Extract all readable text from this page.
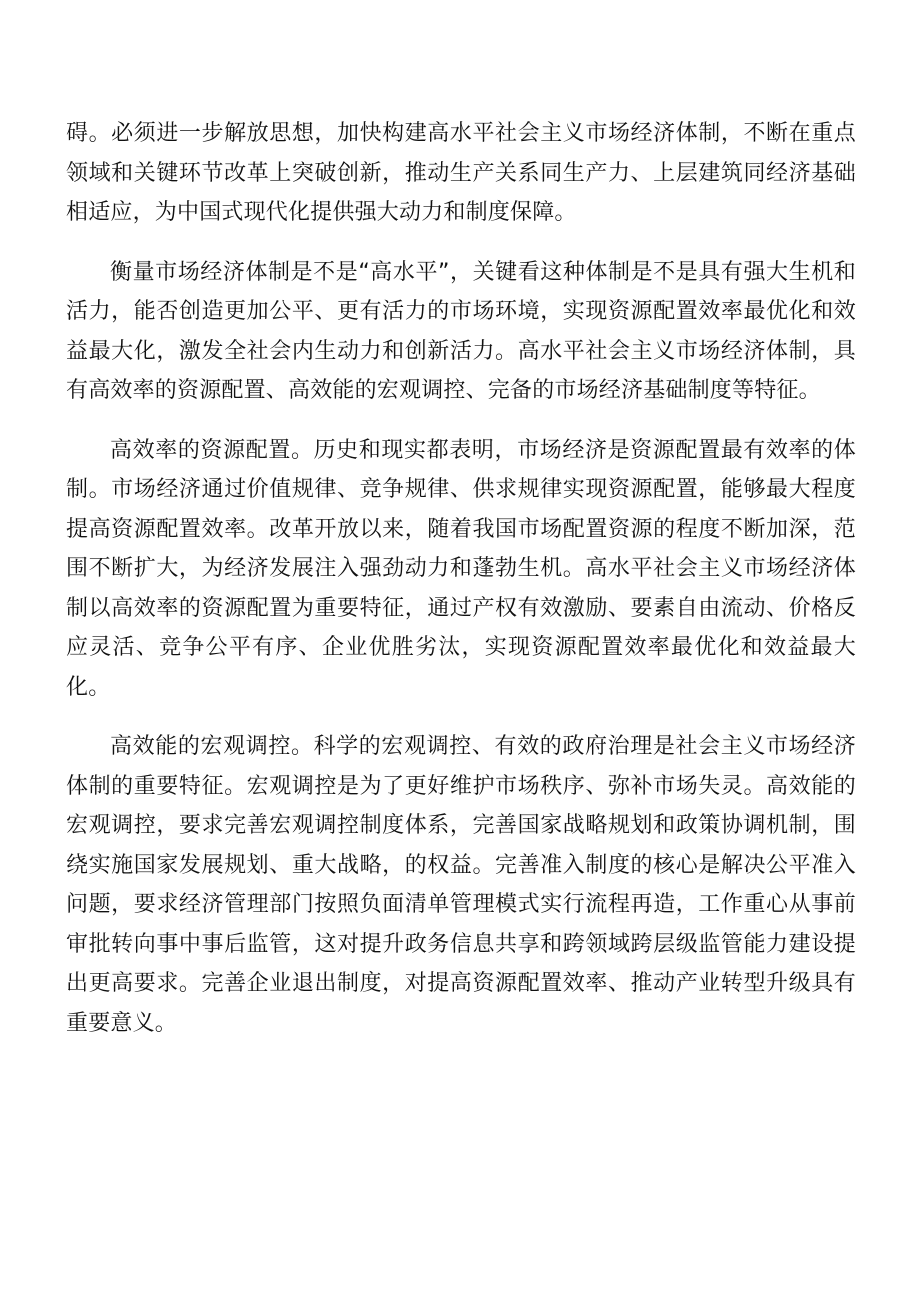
碍。必须进一步解放思想，加快构建高水平社会主义市场经济体制，不断在重点领域和关键环节改革上突破创新，推动生产关系同生产力、上层建筑同经济基础相适应，为中国式现代化提供强大动力和制度保障。

衡量市场经济体制是不是“高水平”，关键看这种体制是不是具有强大生机和活力，能否创造更加公平、更有活力的市场环境，实现资源配置效率最优化和效益最大化，激发全社会内生动力和创新活力。高水平社会主义市场经济体制，具有高效率的资源配置、高效能的宏观调控、完备的市场经济基础制度等特征。

高效率的资源配置。历史和现实都表明，市场经济是资源配置最有效率的体制。市场经济通过价值规律、竞争规律、供求规律实现资源配置，能够最大程度提高资源配置效率。改革开放以来，随着我国市场配置资源的程度不断加深，范围不断扩大，为经济发展注入强劲动力和蓬勃生机。高水平社会主义市场经济体制以高效率的资源配置为重要特征，通过产权有效激励、要素自由流动、价格反应灵活、竞争公平有序、企业优胜劣汰，实现资源配置效率最优化和效益最大化。

高效能的宏观调控。科学的宏观调控、有效的政府治理是社会主义市场经济体制的重要特征。宏观调控是为了更好维护市场秩序、弥补市场失灵。高效能的宏观调控，要求完善宏观调控制度体系，完善国家战略规划和政策协调机制，围绕实施国家发展规划、重大战略，的权益。完善准入制度的核心是解决公平准入问题，要求经济管理部门按照负面清单管理模式实行流程再造，工作重心从事前审批转向事中事后监管，这对提升政务信息共享和跨领域跨层级监管能力建设提出更高要求。完善企业退出制度，对提高资源配置效率、推动产业转型升级具有重要意义。
